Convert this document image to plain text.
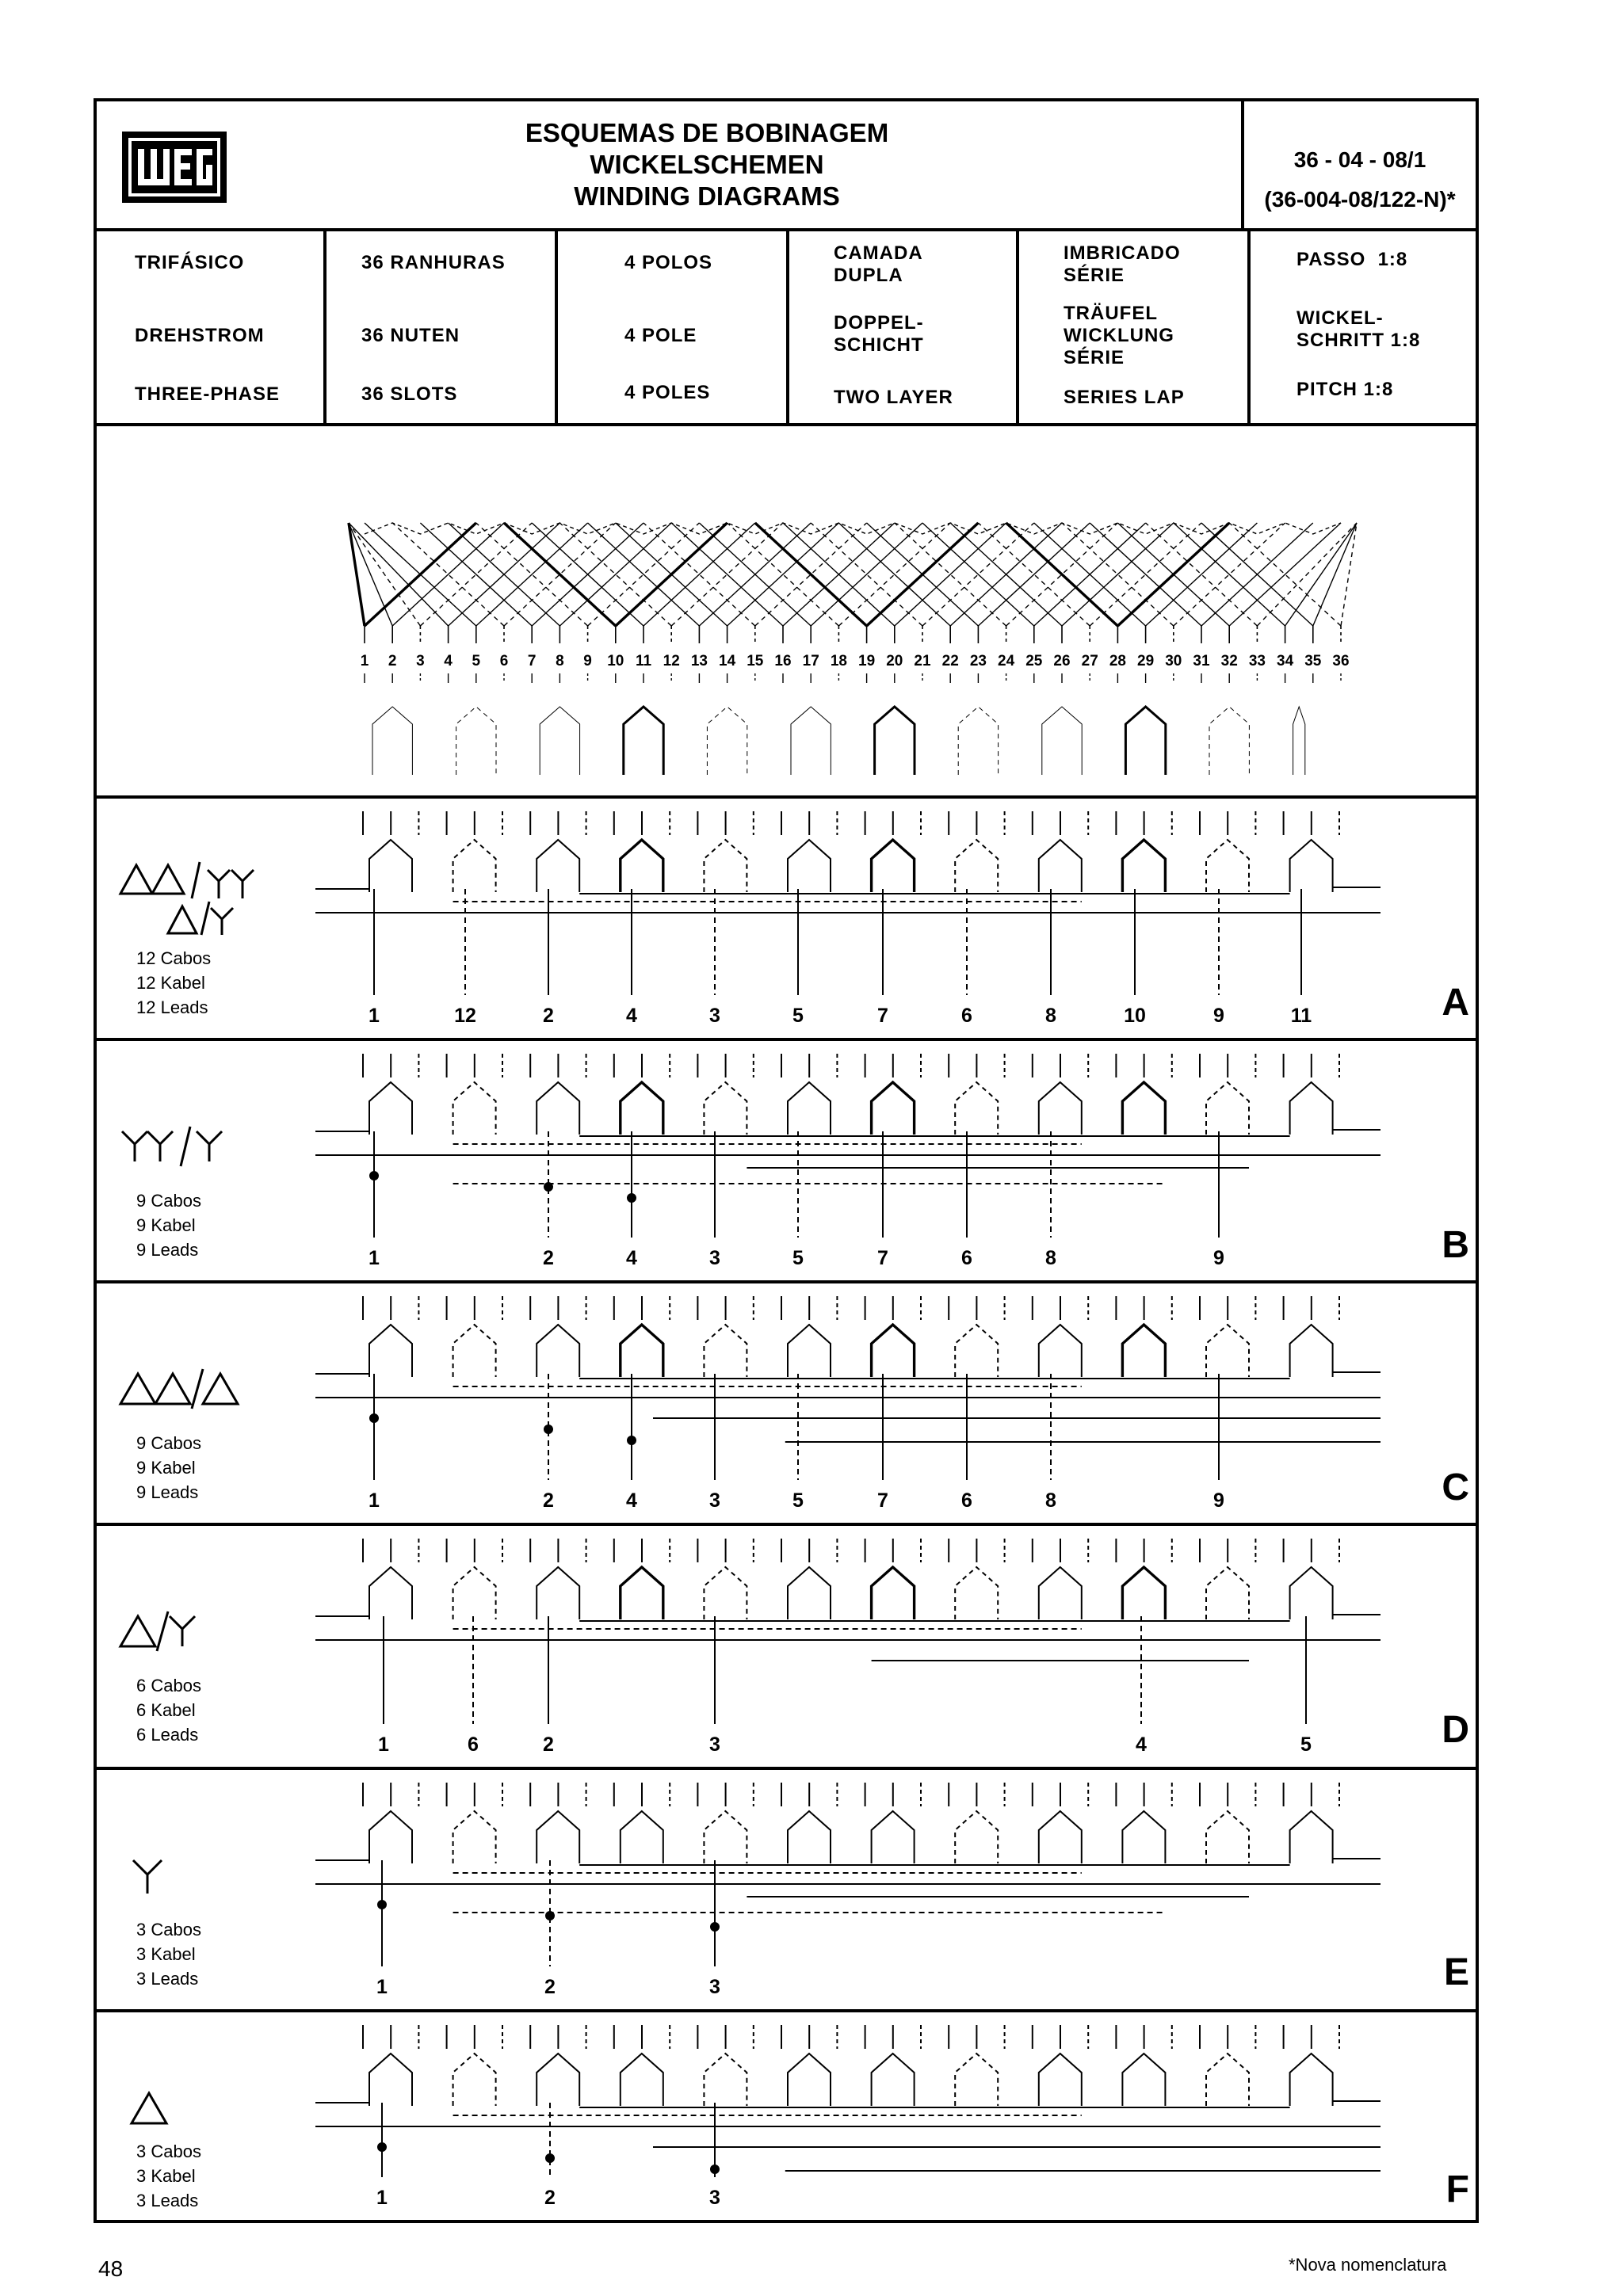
ESQUEMAS DE BOBINAGEM
WICKELSCHEMEN
WINDING DIAGRAMS
36 - 04 - 08/1
(36-004-08/122-N)*
TRIFÁSICO
DREHSTROM
THREE-PHASE
36 RANHURAS
36 NUTEN
36 SLOTS
4 POLOS
4 POLE
4 POLES
CAMADA
DUPLA
DOPPEL-
SCHICHT
TWO LAYER
IMBRICADO
SÉRIE
TRÄUFEL
WICKLUNG
SÉRIE
SERIES LAP
PASSO  1:8
WICKEL-
SCHRITT 1:8
PITCH 1:8
1 2 3 4 5 6 7 8 9 10 11 12 13 14 15 16 17 18 19 20 21 22 23 24 25 26 27 28 29 30 31 32 33 34 35 36
12 Cabos
12 Kabel
12 Leads	1	12	2	4	3	5	7	6	8	10	9	11	A
9 Cabos
9 Kabel
9 Leads	1	2	4	3	5	7	6	8	9	B
9 Cabos
9 Kabel
9 Leads	1	2	4	3	5	7	6	8	9	C
6 Cabos
6 Kabel
6 Leads	1	6	2	3	4	5	D
3 Cabos
3 Kabel
3 Leads	1	2	3	E
3 Cabos
3 Kabel
3 Leads	1	2	3	F
48	*Nova nomenclatura
